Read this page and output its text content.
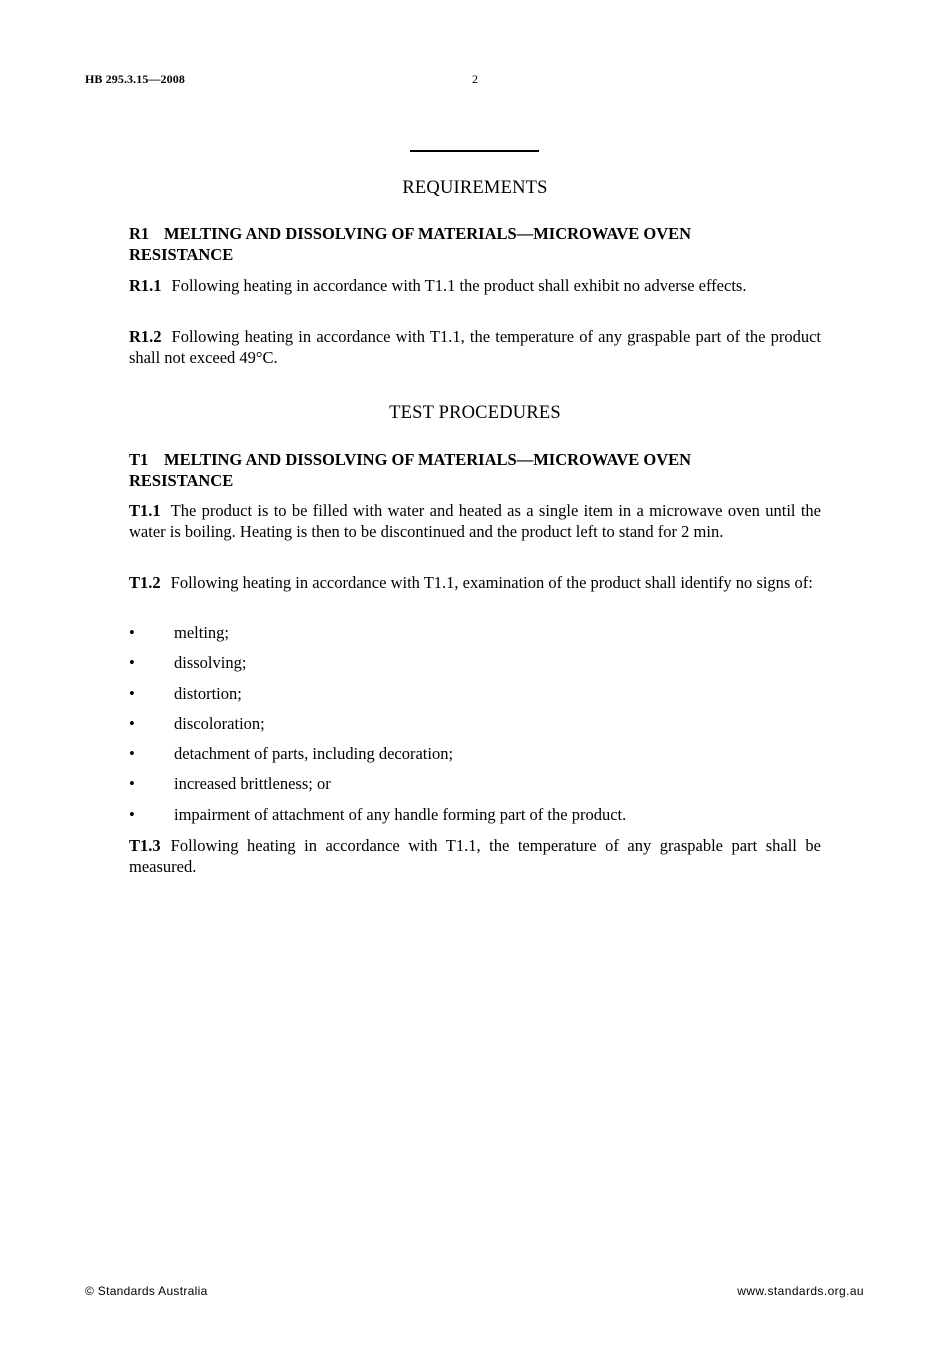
HB 295.3.15—2008	2
REQUIREMENTS
R1 MELTING AND DISSOLVING OF MATERIALS—MICROWAVE OVEN
RESISTANCE
R1.1 Following heating in accordance with T1.1 the product shall exhibit no adverse effects.
R1.2 Following heating in accordance with T1.1, the temperature of any graspable part of the product shall not exceed 49°C.
TEST PROCEDURES
T1 MELTING AND DISSOLVING OF MATERIALS—MICROWAVE OVEN
RESISTANCE
T1.1 The product is to be filled with water and heated as a single item in a microwave oven until the water is boiling. Heating is then to be discontinued and the product left to stand for 2 min.
T1.2 Following heating in accordance with T1.1, examination of the product shall identify no signs of:
• melting;
• dissolving;
• distortion;
• discoloration;
• detachment of parts, including decoration;
• increased brittleness; or
• impairment of attachment of any handle forming part of the product.
T1.3 Following heating in accordance with T1.1, the temperature of any graspable part shall be measured.
© Standards Australia	www.standards.org.au
